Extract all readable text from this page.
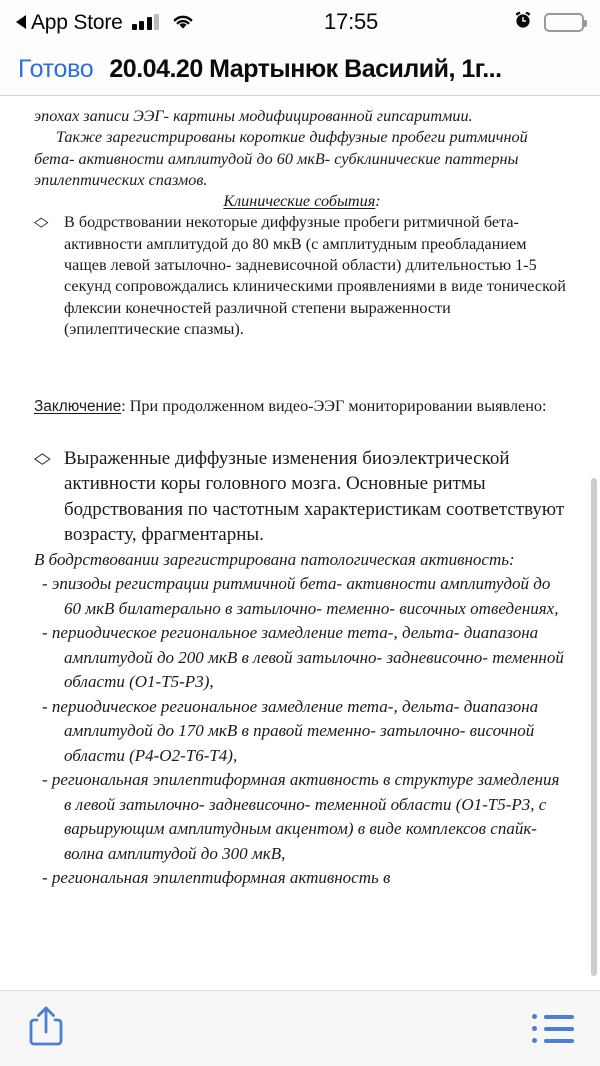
App Store	17:55
Готово 20.04.20 Мартынюк Василий, 1г...
эпохах записи ЭЭГ- картины модифицированной гипсаритмии.
Также зарегистрированы короткие диффузные пробеги ритмичной бета- активности амплитудой до 60 мкВ- субклинические паттерны эпилептических спазмов.
Клинические события:
◇ В бодрствовании некоторые диффузные пробеги ритмичной бета- активности амплитудой до 80 мкВ (с амплитудным преобладанием чащев левой затылочно- задневисочной области) длительностью 1-5 секунд сопровождались клиническими проявлениями в виде тонической флексии конечностей различной степени выраженности (эпилептические спазмы).
Заключение: При продолженном видео-ЭЭГ мониторировании выявлено:
◇ Выраженные диффузные изменения биоэлектрической активности коры головного мозга. Основные ритмы бодрствования по частотным характеристикам соответствуют возрасту, фрагментарны.
В бодрствовании зарегистрирована патологическая активность:
- эпизоды регистрации ритмичной бета- активности амплитудой до 60 мкВ билатерально в затылочно- теменно- височных отведениях,
- периодическое региональное замедление тета-, дельта- диапазона амплитудой до 200 мкВ в левой затылочно- задневисочно- теменной области (O1-T5-P3),
- периодическое региональное замедление тета-, дельта- диапазона амплитудой до 170 мкВ в правой теменно- затылочно- височной области (P4-O2-T6-T4),
- региональная эпилептиформная активность в структуре замедления в левой затылочно- задневисочно- теменной области (O1-T5-P3, с варьирующим амплитудным акцентом) в виде комплексов спайк- волна амплитудой до 300 мкВ,
- региональная эпилептиформная активность в
